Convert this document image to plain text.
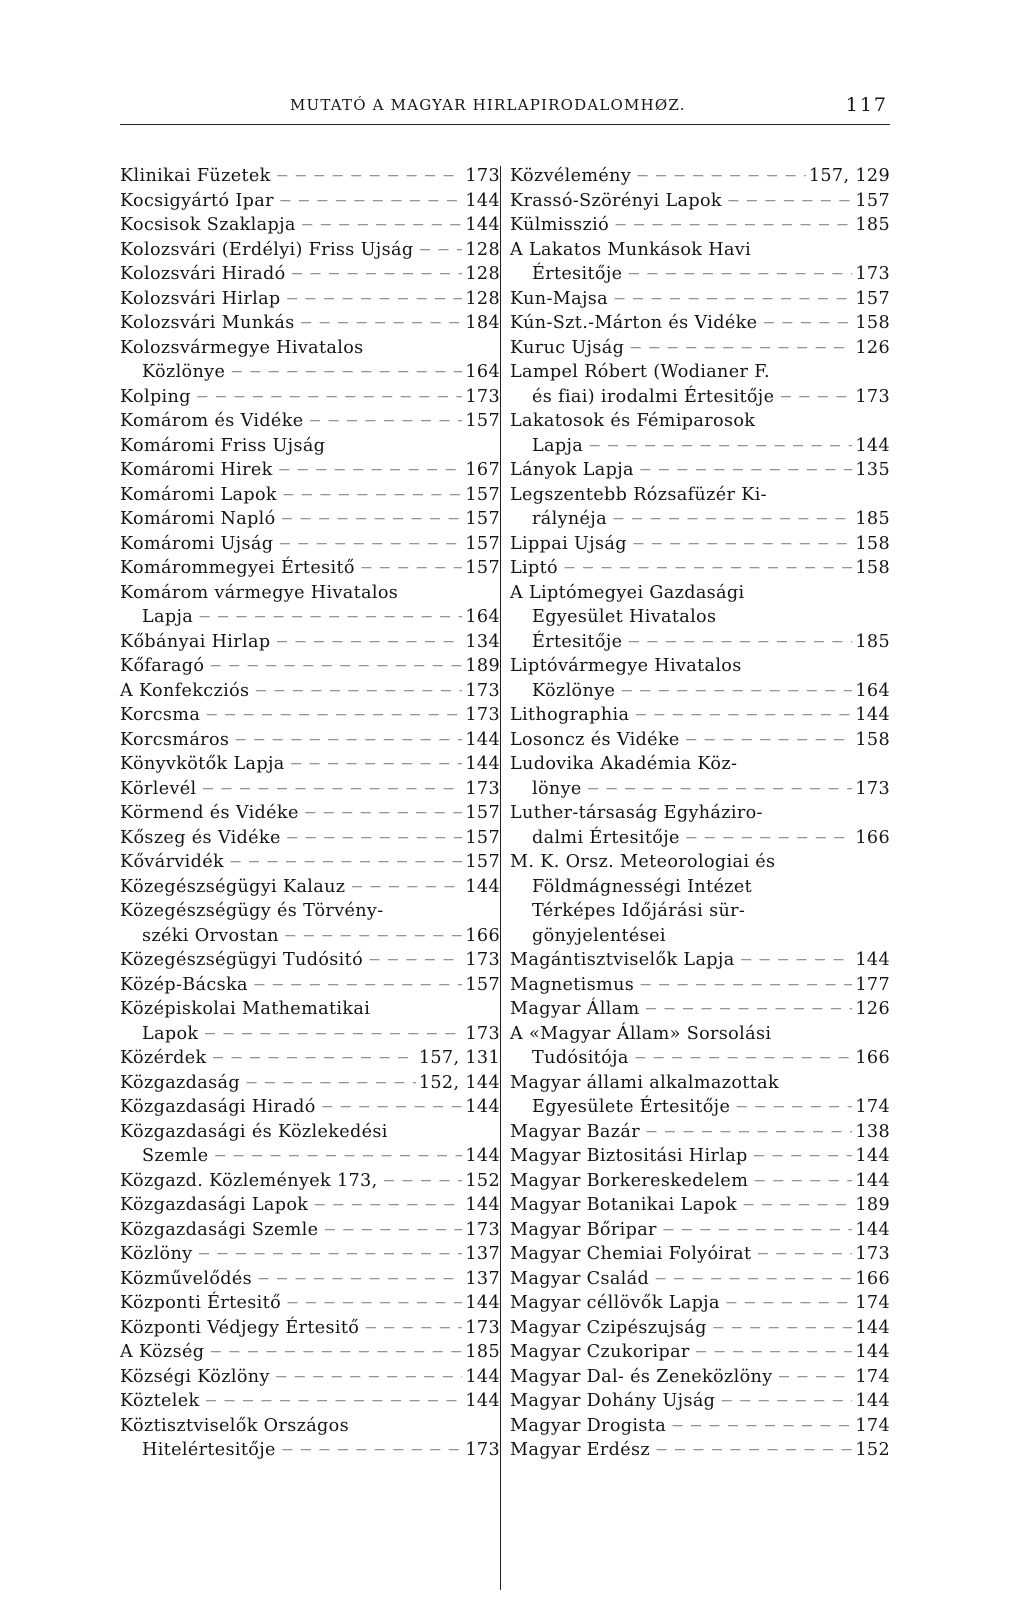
MUTATÓ A MAGYAR HIRLAPIRODALOMHØZ.	117
Klinikai Füzetek — — —	173
Kocsigyártó Ipar — — —	144
Kocsisok Szaklapja — — —	144
Kolozsvári (Erdélyi) Friss Ujság — — —	128
Kolozsvári Hiradó — — —	128
Kolozsvári Hirlap — — —	128
Kolozsvári Munkás — — —	184
Kolozsvármegye Hivatalos
Közlönye — — —	164
Kolping — — —	173
Komárom és Vidéke — — —	157
Komáromi Friss Ujság
Komáromi Hirek — — —	167
Komáromi Lapok — — —	157
Komáromi Napló — — —	157
Komáromi Ujság — — —	157
Komárommegyei Értesitő — — —	157
Komárom vármegye Hivatalos
Lapja — — —	164
Kőbányai Hirlap — — —	134
Kőfaragó — — —	189
A Konfekcziós — — —	173
Korcsma — — —	173
Korcsmáros — — —	144
Könyvkötők Lapja — — —	144
Körlevél — — —	173
Körmend és Vidéke — — —	157
Kőszeg és Vidéke — — —	157
Kővárvidék — — —	157
Közegészségügyi Kalauz — — —	144
Közegészségügy és Törvény-
széki Orvostan — — —	166
Közegészségügyi Tudósitó — — —	173
Közép-Bácska — — —	157
Középiskolai Mathematikai
Lapok — — —	173
Közérdek — — —	157, 131
Közgazdaság — — —	152, 144
Közgazdasági Hiradó — — —	144
Közgazdasági és Közlekedési
Szemle — — —	144
Közgazd. Közlemények 173, — — —	152
Közgazdasági Lapok — — —	144
Közgazdasági Szemle — — —	173
Közlöny — — —	137
Közművelődés — — —	137
Központi Értesitő — — —	144
Központi Védjegy Értesitő — — —	173
A Község — — —	185
Községi Közlöny — — —	144
Köztelek — — —	144
Köztisztviselők Országos
Hitelértesitője — — —	173
Közvélemény — — —	157, 129
Krassó-Szörényi Lapok — — —	157
Külmisszió — — —	185
A Lakatos Munkások Havi
Értesitője — — —	173
Kun-Majsa — — —	157
Kún-Szt.-Márton és Vidéke — — —	158
Kuruc Ujság — — —	126
Lampel Róbert (Wodianer F.
és fiai) irodalmi Értesitője — — —	173
Lakatosok és Fémiparosok
Lapja — — —	144
Lányok Lapja — — —	135
Legszentebb Rózsafüzér Ki-
rálynéja — — —	185
Lippai Ujság — — —	158
Liptó — — —	158
A Liptómegyei Gazdasági
Egyesület Hivatalos
Értesitője — — —	185
Liptóvármegye Hivatalos
Közlönye — — —	164
Lithographia — — —	144
Losoncz és Vidéke — — —	158
Ludovika Akadémia Köz-
lönye — — —	173
Luther-társaság Egyháziro-
dalmi Értesitője — — —	166
M. K. Orsz. Meteorologiai és
Földmágnességi Intézet
Térképes Időjárási sür-
gönyjelentései
Magántisztviselők Lapja — — —	144
Magnetismus — — —	177
Magyar Állam — — —	126
A «Magyar Állam» Sorsolási
Tudósitója — — —	166
Magyar állami alkalmazottak
Egyesülete Értesitője — — —	174
Magyar Bazár — — —	138
Magyar Biztositási Hirlap — — —	144
Magyar Borkereskedelem — — —	144
Magyar Botanikai Lapok — — —	189
Magyar Bőripar — — —	144
Magyar Chemiai Folyóirat — — —	173
Magyar Család — — —	166
Magyar céllövők Lapja — — —	174
Magyar Czipészujság — — —	144
Magyar Czukoripar — — —	144
Magyar Dal- és Zeneközlöny — — —	174
Magyar Dohány Ujság — — —	144
Magyar Drogista — — —	174
Magyar Erdész — — —	152
